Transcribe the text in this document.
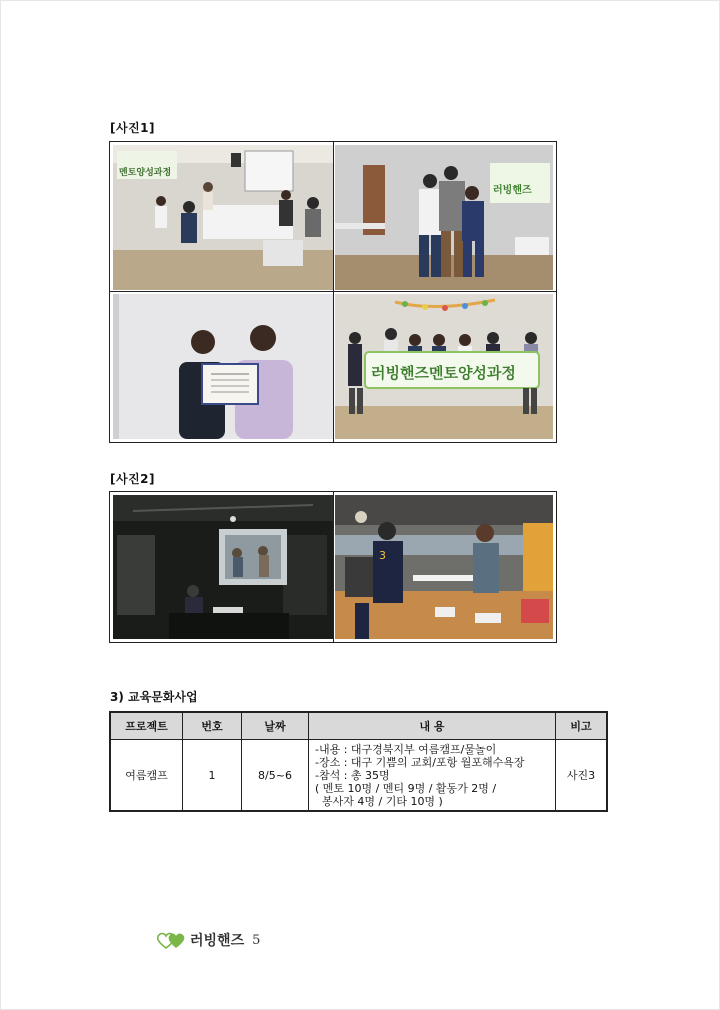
[사진1]
멘토양성과정
러빙핸즈
러빙핸즈멘토양성과정
[사진2]
3
3) 교육문화사업
프로젝트	번호	날짜	내 용	비고
여름캠프	1	8/5~6	-내용 : 대구경북지부 여름캠프/물놀이
-장소 : 대구 기쁨의 교회/포항 월포해수욕장
-참석 : 총 35명
( 멘토 10명 / 멘티 9명 / 활동가 2명 /
봉사자 4명 / 기타 10명 )	사진3
러빙핸즈 5
